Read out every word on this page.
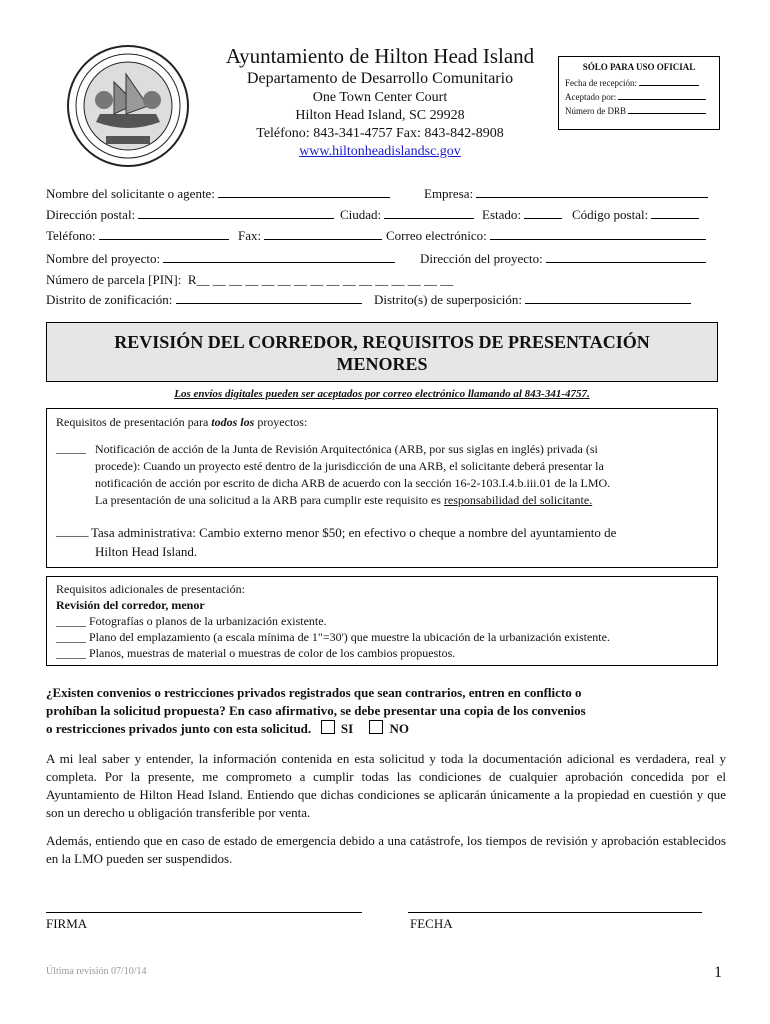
Ayuntamiento de Hilton Head Island
Departamento de Desarrollo Comunitario
One Town Center Court
Hilton Head Island, SC 29928
Teléfono: 843-341-4757 Fax: 843-842-8908
www.hiltonheadislandsc.gov
SÓLO PARA USO OFICIAL
Fecha de recepción:
Aceptado por:
Número de DRB
Nombre del solicitante o agente:	Empresa:
Dirección postal:	Ciudad:	Estado:	Código postal:
Teléfono:	Fax:	Correo electrónico:
Nombre del proyecto:	Dirección del proyecto:
Número de parcela [PIN]: R__ __ __ __ __ __ __ __ __ __ __ __ __ __ __ __
Distrito de zonificación:	Distrito(s) de superposición:
REVISIÓN DEL CORREDOR, REQUISITOS DE PRESENTACIÓN
MENORES
Los envíos digitales pueden ser aceptados por correo electrónico llamando al 843-341-4757.
Requisitos de presentación para todos los proyectos:
_____ Notificación de acción de la Junta de Revisión Arquitectónica (ARB, por sus siglas en inglés) privada (si
procede): Cuando un proyecto esté dentro de la jurisdicción de una ARB, el solicitante deberá presentar la
notificación de acción por escrito de dicha ARB de acuerdo con la sección 16-2-103.I.4.b.iii.01 de la LMO.
La presentación de una solicitud a la ARB para cumplir este requisito es responsabilidad del solicitante.
_____ Tasa administrativa: Cambio externo menor $50; en efectivo o cheque a nombre del ayuntamiento de
Hilton Head Island.
Requisitos adicionales de presentación:
Revisión del corredor, menor
_____ Fotografías o planos de la urbanización existente.
_____ Plano del emplazamiento (a escala mínima de 1"=30') que muestre la ubicación de la urbanización existente.
_____ Planos, muestras de material o muestras de color de los cambios propuestos.
¿Existen convenios o restricciones privados registrados que sean contrarios, entren en conflicto o
prohíban la solicitud propuesta? En caso afirmativo, se debe presentar una copia de los convenios
o restricciones privados junto con esta solicitud. SI	NO
A mi leal saber y entender, la información contenida en esta solicitud y toda la documentación adicional es verdadera, real y completa. Por la presente, me comprometo a cumplir todas las condiciones de cualquier aprobación concedida por el Ayuntamiento de Hilton Head Island. Entiendo que dichas condiciones se aplicarán únicamente a la propiedad en cuestión y que son un derecho u obligación transferible por venta.
Además, entiendo que en caso de estado de emergencia debido a una catástrofe, los tiempos de revisión y aprobación establecidos en la LMO pueden ser suspendidos.
FIRMA	FECHA
Última revisión 07/10/14	1
